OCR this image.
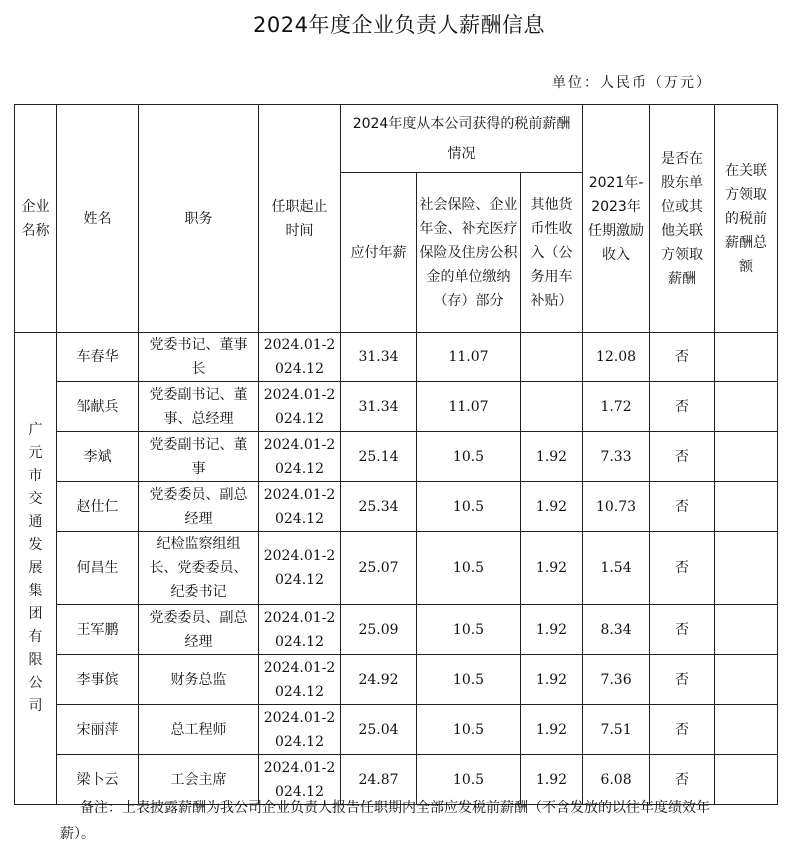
2024年度企业负责人薪酬信息
单位：人民币（万元）
企业名称	姓名	职务	任职起止时间	2024年度从本公司获得的税前薪酬情况			2021年-2023年任期激励收入	是否在股东单位或其他关联方领取薪酬	在关联方领取的税前薪酬总额
				应付年薪	社会保险、企业年金、补充医疗保险及住房公积金的单位缴纳（存）部分	其他货币性收入（公务用车补贴）			
广元市交通发展集团有限公司	车春华	党委书记、董事长	2024.01-2024.12	31.34	11.07		12.08	否	
	邹献兵	党委副书记、董事、总经理	2024.01-2024.12	31.34	11.07		1.72	否	
	李斌	党委副书记、董事	2024.01-2024.12	25.14	10.5	1.92	7.33	否	
	赵仕仁	党委委员、副总经理	2024.01-2024.12	25.34	10.5	1.92	10.73	否	
	何昌生	纪检监察组组长、党委委员、纪委书记	2024.01-2024.12	25.07	10.5	1.92	1.54	否	
	王军鹏	党委委员、副总经理	2024.01-2024.12	25.09	10.5	1.92	8.34	否	
	李事傧	财务总监	2024.01-2024.12	24.92	10.5	1.92	7.36	否	
	宋丽萍	总工程师	2024.01-2024.12	25.04	10.5	1.92	7.51	否	
	梁卜云	工会主席	2024.01-2024.12	24.87	10.5	1.92	6.08	否	
备注：上表披露薪酬为我公司企业负责人报告任职期内全部应发税前薪酬（不含发放的以往年度绩效年薪）。
